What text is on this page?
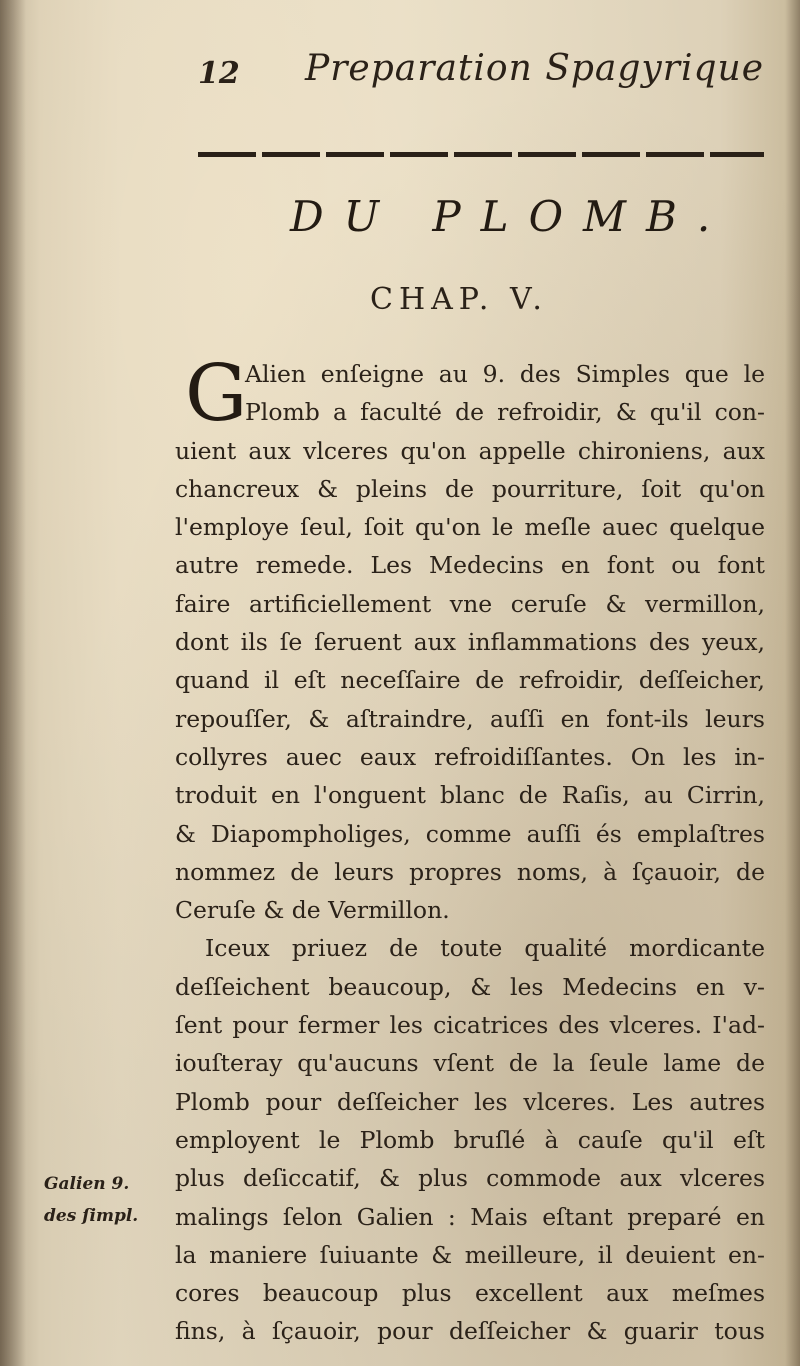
12 Preparation Spagyrique
DU PLOMB.
CHAP. V.
G
Alien enſeigne au 9. des Simples que le
Plomb a faculté de refroidir, & qu'il con-
uient aux vlceres qu'on appelle chironiens, aux
chancreux & pleins de pourriture, ſoit qu'on
l'employe ſeul, ſoit qu'on le meſle auec quelque
autre remede. Les Medecins en font ou font
faire artificiellement vne ceruſe & vermillon,
dont ils ſe ſeruent aux inflammations des yeux,
quand il eſt neceſſaire de refroidir, deſſeicher,
repouſſer, & aſtraindre, auſſi en font-ils leurs
collyres auec eaux refroidiſſantes. On les in-
troduit en l'onguent blanc de Raſis, au Cirrin,
& Diapompholiges, comme auſſi és emplaſtres
nommez de leurs propres noms, à ſçauoir, de
Ceruſe & de Vermillon.
Iceux priuez de toute qualité mordicante
deſſeichent beaucoup, & les Medecins en v-
ſent pour fermer les cicatrices des vlceres. I'ad-
iouſteray qu'aucuns vſent de la ſeule lame de
Plomb pour deſſeicher les vlceres. Les autres
employent le Plomb bruſlé à cauſe qu'il eſt
plus deſiccatif, & plus commode aux vlceres
malings ſelon Galien : Mais eſtant preparé en
la maniere ſuiuante & meilleure, il deuient en-
cores beaucoup plus excellent aux meſmes
fins, à ſçauoir, pour deſſeicher & guarir tous
Galien 9.
des ſimpl.
